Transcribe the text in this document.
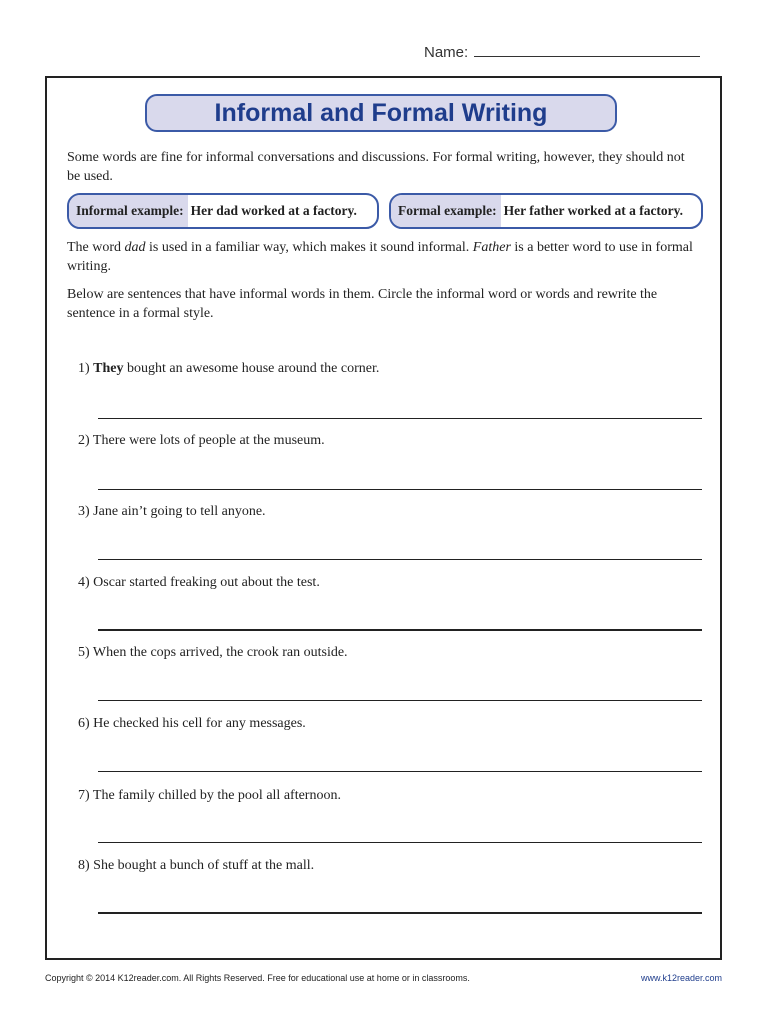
Name:
Informal and Formal Writing

Some words are fine for informal conversations and discussions. For formal writing, however, they should not be used.

Informal example: Her dad worked at a factory.	Formal example: Her father worked at a factory.

The word dad is used in a familiar way, which makes it sound informal. Father is a better word to use in formal writing.

Below are sentences that have informal words in them. Circle the informal word or words and rewrite the sentence in a formal style.

1) They bought an awesome house around the corner.
2) There were lots of people at the museum.
3) Jane ain’t going to tell anyone.
4) Oscar started freaking out about the test.
5) When the cops arrived, the crook ran outside.
6) He checked his cell for any messages.
7) The family chilled by the pool all afternoon.
8) She bought a bunch of stuff at the mall.
Copyright © 2014 K12reader.com. All Rights Reserved. Free for educational use at home or in classrooms.	www.k12reader.com
